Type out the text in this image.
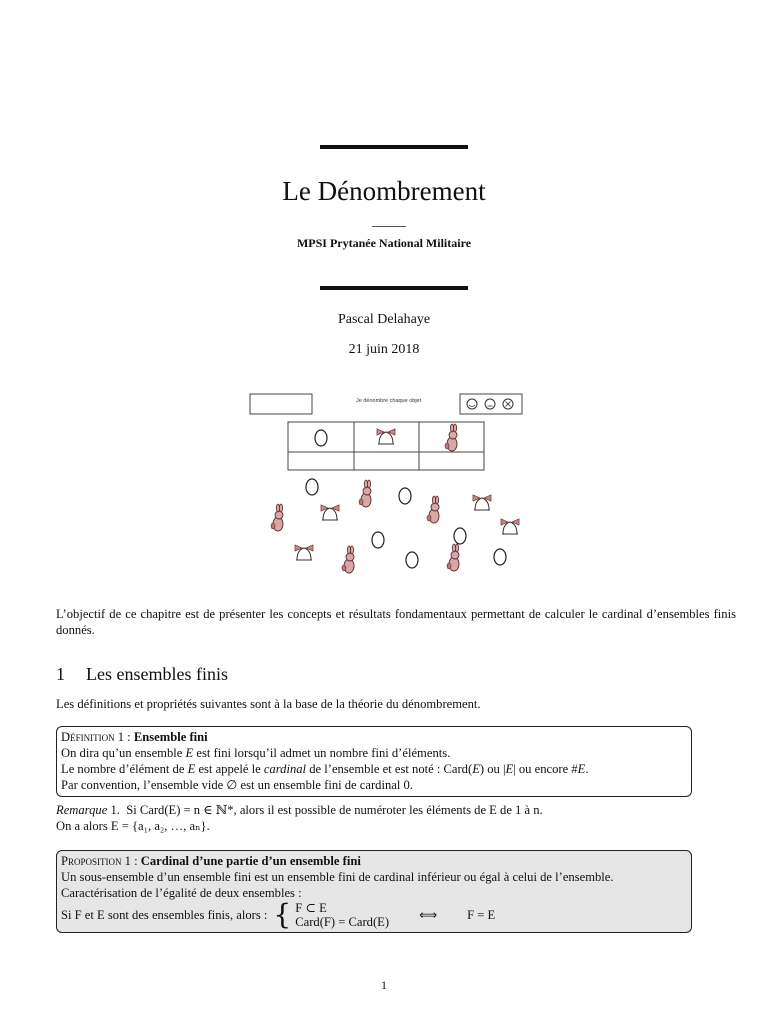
Le Dénombrement
MPSI Prytanée National Militaire
Pascal Delahaye
21 juin 2018
Je dénombre chaque objet
L’objectif de ce chapitre est de présenter les concepts et résultats fondamentaux permettant de calculer le cardinal d’ensembles finis donnés.
1 Les ensembles finis
Les définitions et propriétés suivantes sont à la base de la théorie du dénombrement.
Définition 1 : Ensemble fini
On dira qu’un ensemble E est fini lorsqu’il admet un nombre fini d’éléments.
Le nombre d’élément de E est appelé le cardinal de l’ensemble et est noté : Card(E) ou |E| ou encore #E.
Par convention, l’ensemble vide ∅ est un ensemble fini de cardinal 0.
Remarque 1. Si Card(E) = n ∈ ℕ*, alors il est possible de numéroter les éléments de E de 1 à n.
On a alors E = {a₁, a₂, …, aₙ}.
Proposition 1 : Cardinal d’une partie d’un ensemble fini
Un sous-ensemble d’un ensemble fini est un ensemble fini de cardinal inférieur ou égal à celui de l’ensemble.
Caractérisation de l’égalité de deux ensembles :
Si F et E sont des ensembles finis, alors : { F ⊂ E
Card(F) = Card(E) ⟺ F = E
1
